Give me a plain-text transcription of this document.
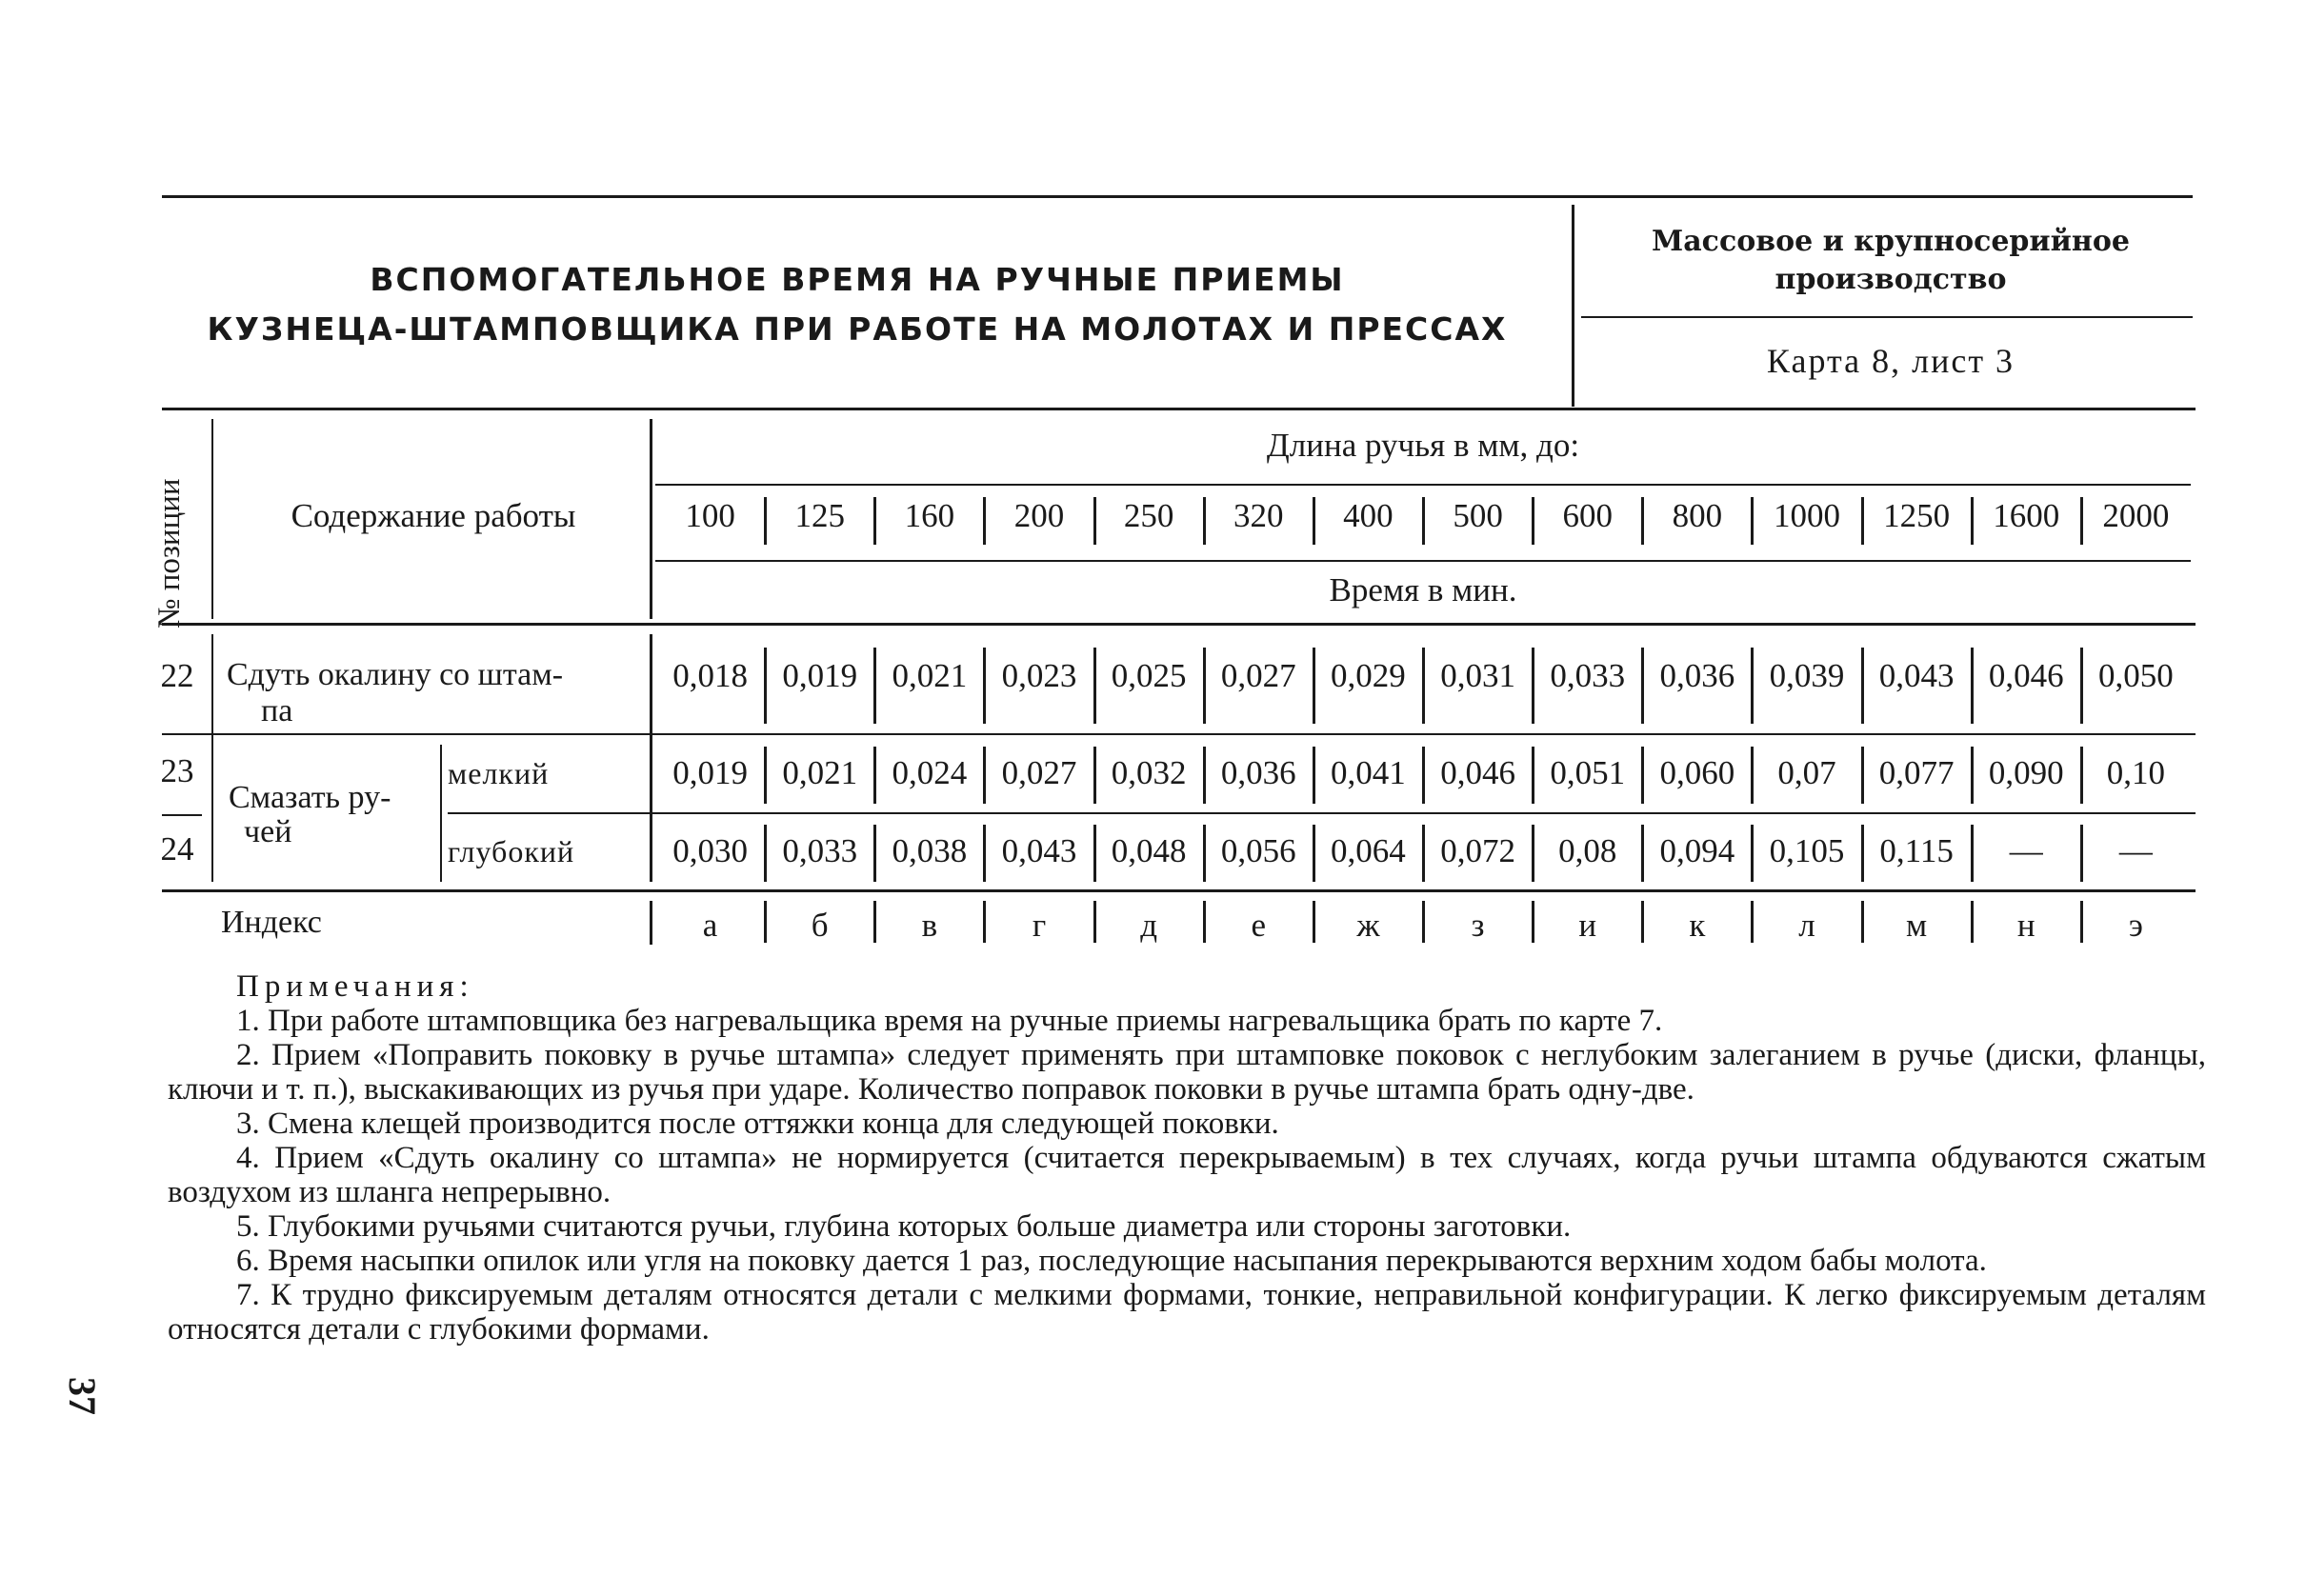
ВСПОМОГАТЕЛЬНОЕ ВРЕМЯ НА РУЧНЫЕ ПРИЕМЫ
КУЗНЕЦА-ШТАМПОВЩИКА ПРИ РАБОТЕ НА МОЛОТАХ И ПРЕССАХ
Массовое и крупносерийное
производство
Карта 8, лист 3
№ позиции	Содержание работы
Длина ручья в мм, до:
Время в мин.
22 Сдуть окалину со штам-
па
23
24
Смазать ру-
чей
мелкий
глубокий
Индекс
100
0,018
0,019
0,030
а
125
0,019
0,021
0,033
б
160
0,021
0,024
0,038
в
200
0,023
0,027
0,043
г
250
0,025
0,032
0,048
д
320
0,027
0,036
0,056
е
400
0,029
0,041
0,064
ж
500
0,031
0,046
0,072
з
600
0,033
0,051
0,08
и
800
0,036
0,060
0,094
к
1000
0,039
0,07
0,105
л
1250
0,043
0,077
0,115
м
1600
0,046
0,090
—
н
2000
0,050
0,10
—
э
Примечания:

1. При работе штамповщика без нагревальщика время на ручные приемы нагревальщика брать по карте 7.

2. Прием «Поправить поковку в ручье штампа» следует применять при штамповке поковок с неглубоким залеганием в ручье (диски, фланцы, ключи и т. п.), выскакивающих из ручья при ударе. Количество поправок поковки в ручье штампа брать одну-две.

3. Смена клещей производится после оттяжки конца для следующей поковки.

4. Прием «Сдуть окалину со штампа» не нормируется (считается перекрываемым) в тех случаях, когда ручьи штампа обдуваются сжатым воздухом из шланга непрерывно.

5. Глубокими ручьями считаются ручьи, глубина которых больше диаметра или стороны заготовки.

6. Время насыпки опилок или угля на поковку дается 1 раз, последующие насыпания перекрываются верхним ходом бабы молота.

7. К трудно фиксируемым деталям относятся детали с мелкими формами, тонкие, неправильной конфигурации. К легко фиксируемым деталям относятся детали с глубокими формами.

37
